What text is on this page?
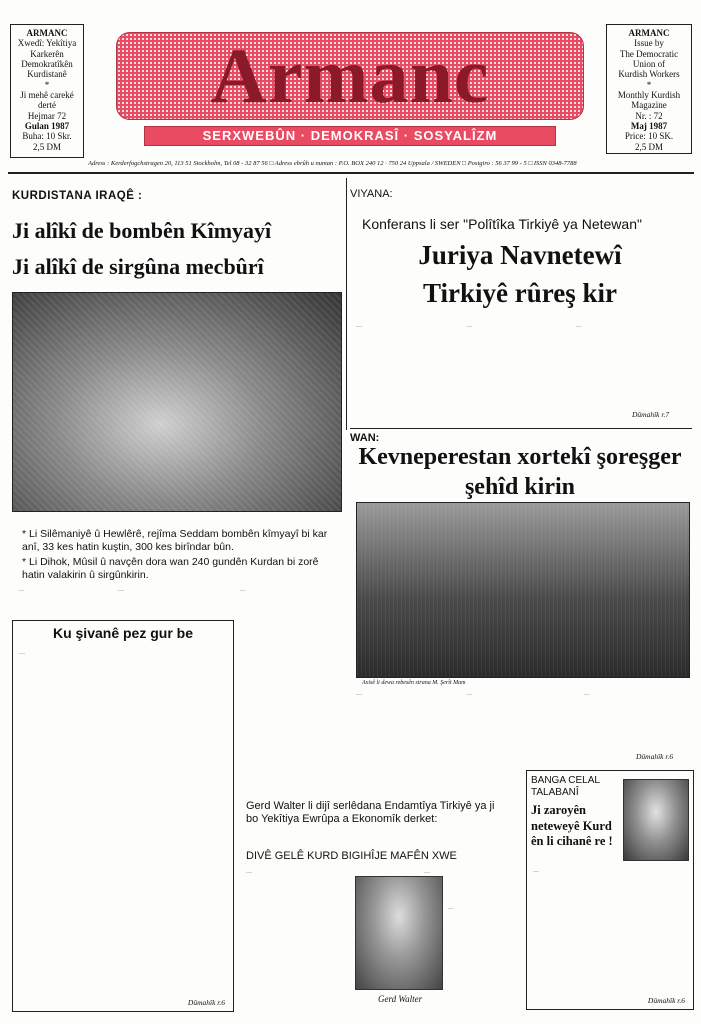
ARMANC
Xwedî: Yekîtiya
Karkerên
Demokratîkên
Kurdistanê
*
Ji mehê careké
derté
Hejmar 72
Gulan 1987
Buha: 10 Skr.
2,5 DM
Armanc
SERXWEBÛN · DEMOKRASÎ · SOSYALÎZM
ARMANC
Issue by
The Democratic
Union of
Kurdish Workers
*
Monthly Kurdish
Magazine
Nr. : 72
Maj 1987
Price: 10 SK.
2,5 DM
Adress : Kerderfogchstragen 20, 113 51 Stockholm, Tel 08 - 32 87 56 □ Adress ebrûh u numan : P.O. BOX 240 12 · 750 24 Uppsala / SWEDEN □ Postgiro : 56 37 99 - 5 □ ISSN 0348-7788
KURDISTANA IRAQÊ :
Ji alîkî de bombên Kîmyayî
Ji alîkî de sirgûna mecbûrî
* Li Silêmaniyê û Hewlêrê, rejîma Seddam bombên kîmyayî bi kar anî, 33 kes hatin kuştin, 300 kes birîndar bûn.
* Li Dihok, Mûsil û navçên dora wan 240 gundên Kurdan bi zorê hatin valakirin û sirgûnkirin.
…	…	…
Ku şivanê pez gur be
…
Dûmahîk r.6
VIYANA:
Konferans li ser "Polîtîka Tirkiyê ya Netewan"
Juriya Navnetewî
Tirkiyê rûreş kir
…	…	…
Dûmahîk r.7
WAN:
Kevneperestan xortekî şoreşger
şehîd kirin
Axisê li dewa rebesên strana M. Şerît Mam
…	…	…
Dûmahîk r.6
Gerd Walter li dijî serlêdana Endamtîya Tirkiyê ya ji bo Yekîtiya Ewrûpa a Ekonomîk derket:
DIVÊ GELÊ KURD BIGIHÎJE MAFÊN XWE
…
Gerd Walter
…
…
BANGA CELAL
TALABANÎ
Ji zaroyên neteweyê Kurd ên li cihanê re !
…
Dûmahîk r.6
